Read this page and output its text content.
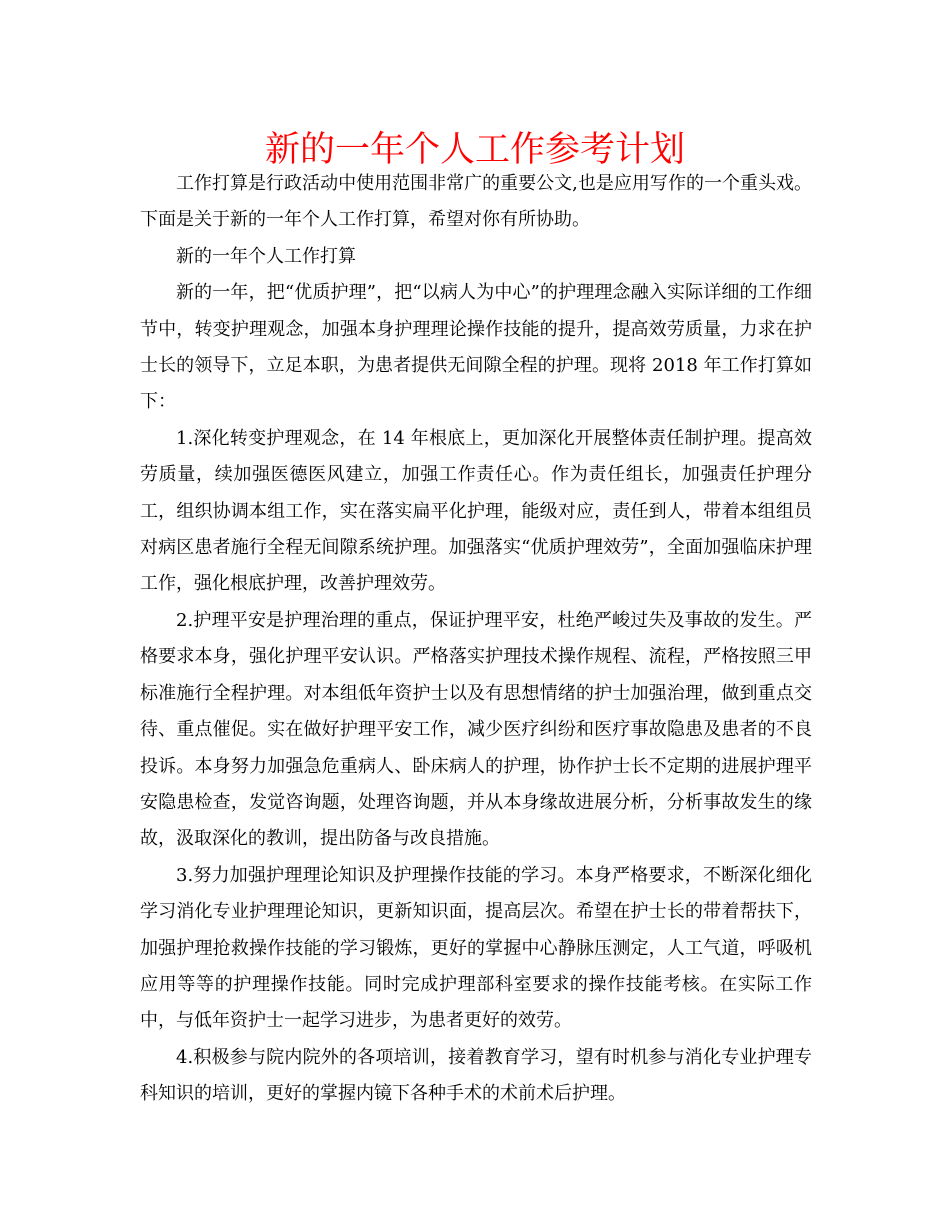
新的一年个人工作参考计划

工作打算是行政活动中使用范围非常广的重要公文,也是应用写作的一个重头戏。下面是关于新的一年个人工作打算，希望对你有所协助。

新的一年个人工作打算

新的一年，把“优质护理”，把“以病人为中心”的护理理念融入实际详细的工作细节中，转变护理观念，加强本身护理理论操作技能的提升，提高效劳质量，力求在护士长的领导下，立足本职，为患者提供无间隙全程的护理。现将 2018 年工作打算如下：

1.深化转变护理观念，在 14 年根底上，更加深化开展整体责任制护理。提高效劳质量，续加强医德医风建立，加强工作责任心。作为责任组长，加强责任护理分工，组织协调本组工作，实在落实扁平化护理，能级对应，责任到人，带着本组组员对病区患者施行全程无间隙系统护理。加强落实“优质护理效劳”，全面加强临床护理工作，强化根底护理，改善护理效劳。

2.护理平安是护理治理的重点，保证护理平安，杜绝严峻过失及事故的发生。严格要求本身，强化护理平安认识。严格落实护理技术操作规程、流程，严格按照三甲标准施行全程护理。对本组低年资护士以及有思想情绪的护士加强治理，做到重点交待、重点催促。实在做好护理平安工作，减少医疗纠纷和医疗事故隐患及患者的不良投诉。本身努力加强急危重病人、卧床病人的护理，协作护士长不定期的进展护理平安隐患检查，发觉咨询题，处理咨询题，并从本身缘故进展分析，分析事故发生的缘故，汲取深化的教训，提出防备与改良措施。

3.努力加强护理理论知识及护理操作技能的学习。本身严格要求，不断深化细化学习消化专业护理理论知识，更新知识面，提高层次。希望在护士长的带着帮扶下，加强护理抢救操作技能的学习锻炼，更好的掌握中心静脉压测定，人工气道，呼吸机应用等等的护理操作技能。同时完成护理部科室要求的操作技能考核。在实际工作中，与低年资护士一起学习进步，为患者更好的效劳。

4.积极参与院内院外的各项培训，接着教育学习，望有时机参与消化专业护理专科知识的培训，更好的掌握内镜下各种手术的术前术后护理。
